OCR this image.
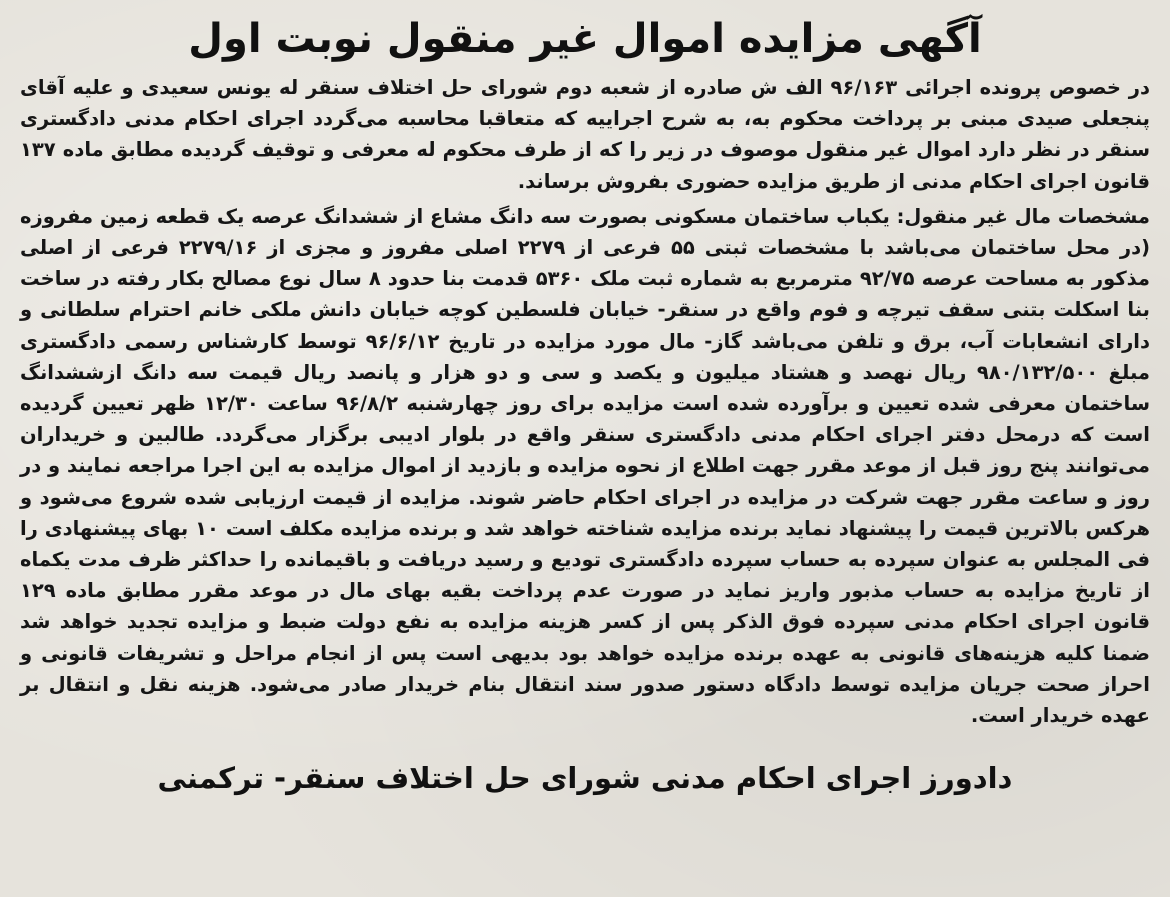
آگهی مزایده اموال غیر منقول نوبت اول

در خصوص پرونده اجرائی ۹۶/۱۶۳ الف ش صادره از شعبه دوم شورای حل اختلاف سنقر له یونس سعیدی و علیه آقای پنجعلی صیدی مبنی بر پرداخت محکوم به، به شرح اجراییه که متعاقبا محاسبه می‌گردد اجرای احکام مدنی دادگستری سنقر در نظر دارد اموال غیر منقول موصوف در زیر را که از طرف محکوم له معرفی و توقیف گردیده مطابق ماده ۱۳۷ قانون اجرای احکام مدنی از طریق مزایده حضوری بفروش برساند.

مشخصات مال غیر منقول: یکباب ساختمان مسکونی بصورت سه دانگ مشاع از ششدانگ عرصه یک قطعه زمین مفروزه (در محل ساختمان می‌باشد با مشخصات ثبتی ۵۵ فرعی از ۲۲۷۹ اصلی مفروز و مجزی از ۲۲۷۹/۱۶ فرعی از اصلی مذکور به مساحت عرصه ۹۲/۷۵ مترمربع به شماره ثبت ملک ۵۳۶۰ قدمت بنا حدود ۸ سال نوع مصالح بکار رفته در ساخت بنا اسکلت بتنی سقف تیرچه و فوم واقع در سنقر- خیابان فلسطین کوچه خیابان دانش ملکی خانم احترام سلطانی و دارای انشعابات آب، برق و تلفن می‌باشد گاز- مال مورد مزایده در تاریخ ۹۶/۶/۱۲ توسط کارشناس رسمی دادگستری مبلغ ۹۸۰/۱۳۲/۵۰۰ ریال نهصد و هشتاد میلیون و یکصد و سی و دو هزار و پانصد ریال قیمت سه دانگ ازششدانگ ساختمان معرفی شده تعیین و برآورده شده است مزایده برای روز چهارشنبه ۹۶/۸/۲ ساعت ۱۲/۳۰ ظهر تعیین گردیده است که درمحل دفتر اجرای احکام مدنی دادگستری سنقر واقع در بلوار ادیبی برگزار می‌گردد. طالبین و خریداران می‌توانند پنج روز قبل از موعد مقرر جهت اطلاع از نحوه مزایده و بازدید از اموال مزایده به این اجرا مراجعه نمایند و در روز و ساعت مقرر جهت شرکت در مزایده در اجرای احکام حاضر شوند. مزایده از قیمت ارزیابی شده شروع می‌شود و هرکس بالاترین قیمت را پیشنهاد نماید برنده مزایده شناخته خواهد شد و برنده مزایده مکلف است ۱۰ بهای پیشنهادی را فی المجلس به عنوان سپرده به حساب سپرده دادگستری تودیع و رسید دریافت و باقیمانده را حداکثر ظرف مدت یکماه از تاریخ مزایده به حساب مذبور واریز نماید در صورت عدم پرداخت بقیه بهای مال در موعد مقرر مطابق ماده ۱۲۹ قانون اجرای احکام مدنی سپرده فوق الذکر پس از کسر هزینه مزایده به نفع دولت ضبط و مزایده تجدید خواهد شد ضمنا کلیه هزینه‌های قانونی به عهده برنده مزایده خواهد بود بدیهی است پس از انجام مراحل و تشریفات قانونی و احراز صحت جریان مزایده توسط دادگاه دستور صدور سند انتقال بنام خریدار صادر می‌شود. هزینه نقل و انتقال بر عهده خریدار است.

دادورز اجرای احکام مدنی شورای حل اختلاف سنقر- ترکمنی
